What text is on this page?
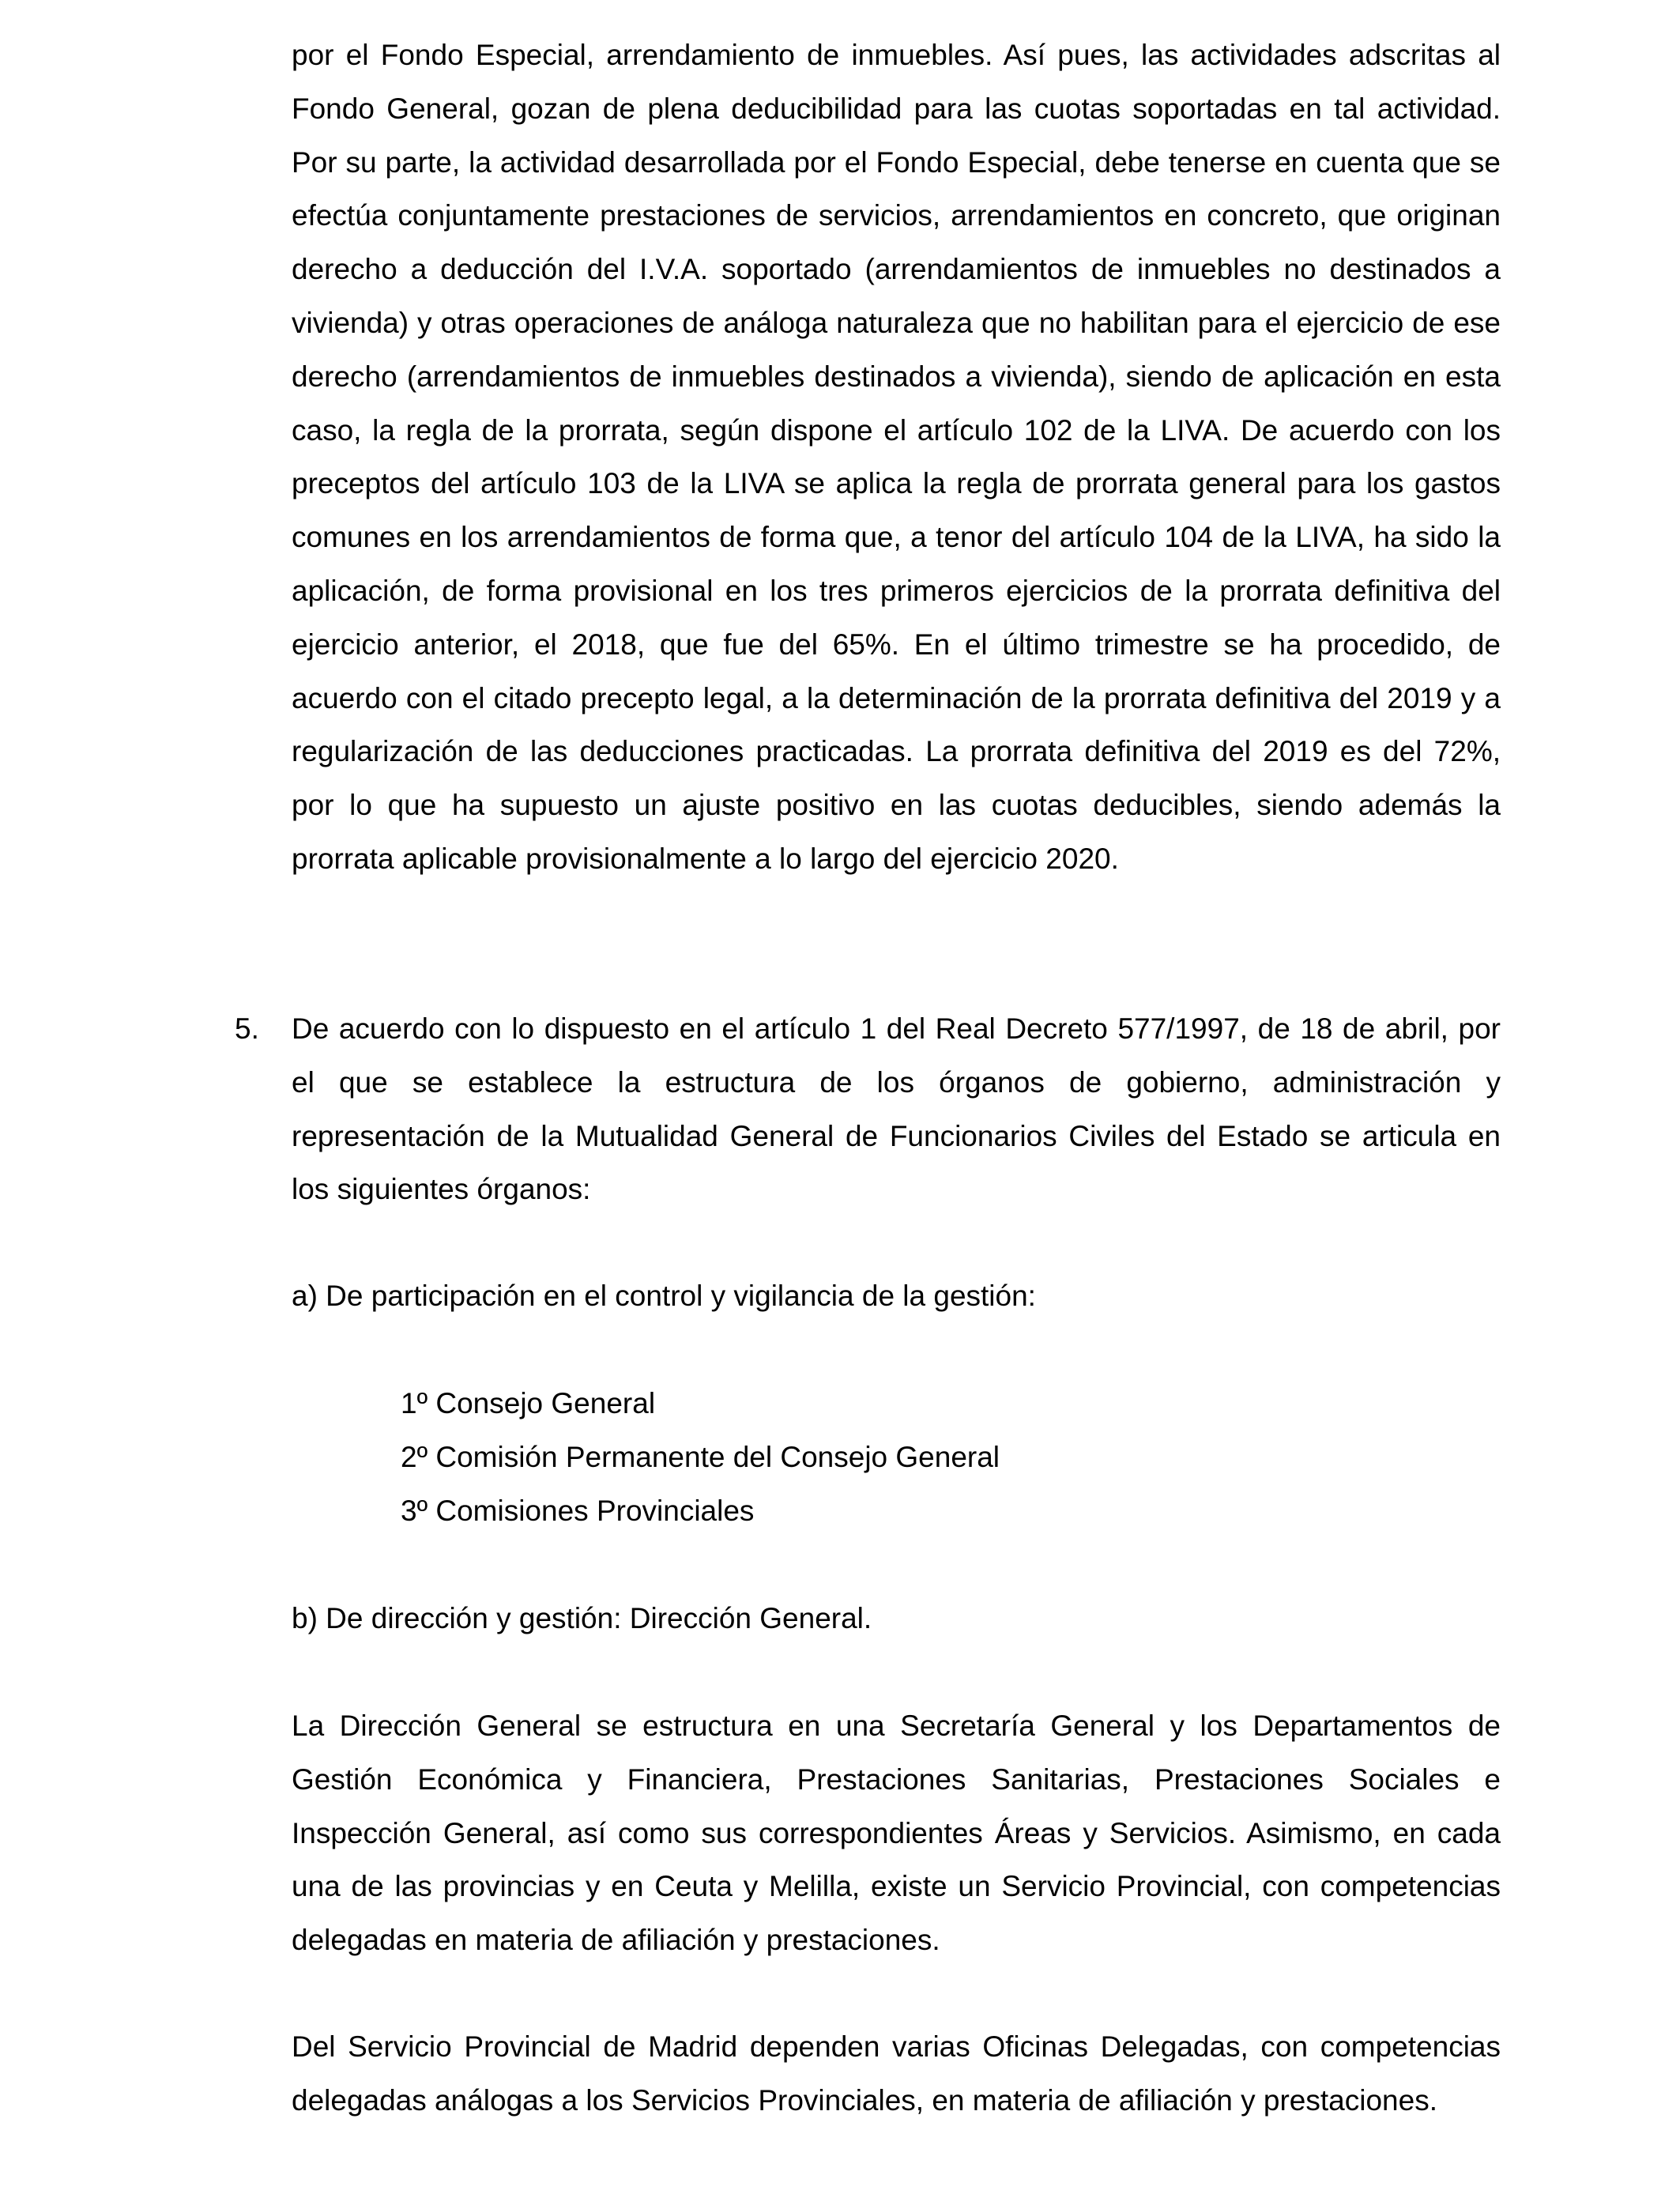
por el Fondo Especial, arrendamiento de inmuebles. Así pues, las actividades adscritas al Fondo General, gozan de plena deducibilidad para las cuotas soportadas en tal actividad. Por su parte, la actividad desarrollada por el Fondo Especial, debe tenerse en cuenta que se efectúa conjuntamente prestaciones de servicios, arrendamientos en concreto, que originan derecho a deducción del I.V.A. soportado (arrendamientos de inmuebles no destinados a vivienda) y otras operaciones de análoga naturaleza que no habilitan para el ejercicio de ese derecho (arrendamientos de inmuebles destinados a vivienda), siendo de aplicación en esta caso, la regla de la prorrata, según dispone el artículo 102 de la LIVA. De acuerdo con los preceptos del artículo 103 de la LIVA se aplica la regla de prorrata general para los gastos comunes en los arrendamientos de forma que, a tenor del artículo 104 de la LIVA, ha sido la aplicación, de forma provisional en los tres primeros ejercicios de la prorrata definitiva del ejercicio anterior, el 2018, que fue del 65%. En el último trimestre se ha procedido, de acuerdo con el citado precepto legal, a la determinación de la prorrata definitiva del 2019 y a regularización de las deducciones practicadas. La prorrata definitiva del 2019 es del 72%, por lo que ha supuesto un ajuste positivo en las cuotas deducibles, siendo además la prorrata aplicable provisionalmente a lo largo del ejercicio 2020.

5. De acuerdo con lo dispuesto en el artículo 1 del Real Decreto 577/1997, de 18 de abril, por el que se establece la estructura de los órganos de gobierno, administración y representación de la Mutualidad General de Funcionarios Civiles del Estado se articula en los siguientes órganos:

a) De participación en el control y vigilancia de la gestión:

1º Consejo General

2º Comisión Permanente del Consejo General

3º Comisiones Provinciales

b) De dirección y gestión: Dirección General.

La Dirección General se estructura en una Secretaría General y los Departamentos de Gestión Económica y Financiera, Prestaciones Sanitarias, Prestaciones Sociales e Inspección General, así como sus correspondientes Áreas y Servicios. Asimismo, en cada una de las provincias y en Ceuta y Melilla, existe un Servicio Provincial, con competencias delegadas en materia de afiliación y prestaciones.

Del Servicio Provincial de Madrid dependen varias Oficinas Delegadas, con competencias delegadas análogas a los Servicios Provinciales, en materia de afiliación y prestaciones.
